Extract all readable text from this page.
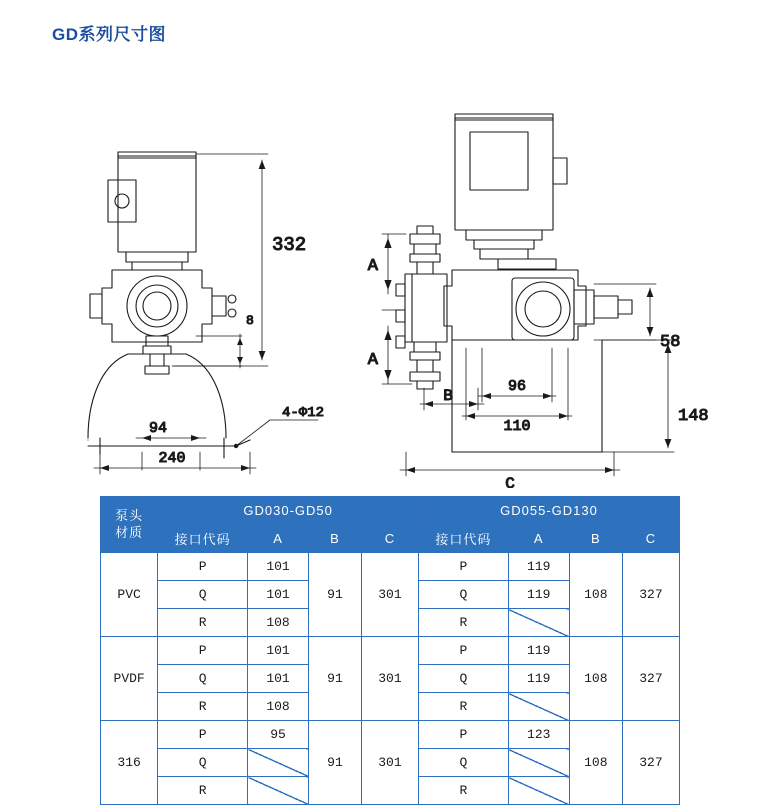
GD系列尺寸图
332
8
94
240
4-Φ12
A
A
B
96
110
C
58
148
泵头
材质	GD030-GD50				GD055-GD130			
	接口代码	A	B	C	接口代码	A	B	C
PVC	P	101	91	301	P	119	108	327
	Q	101			Q	119		
	R	108			R			
PVDF	P	101	91	301	P	119	108	327
	Q	101			Q	119		
	R	108			R			
316	P	95	91	301	P	123	108	327
	Q				Q			
	R				R			
